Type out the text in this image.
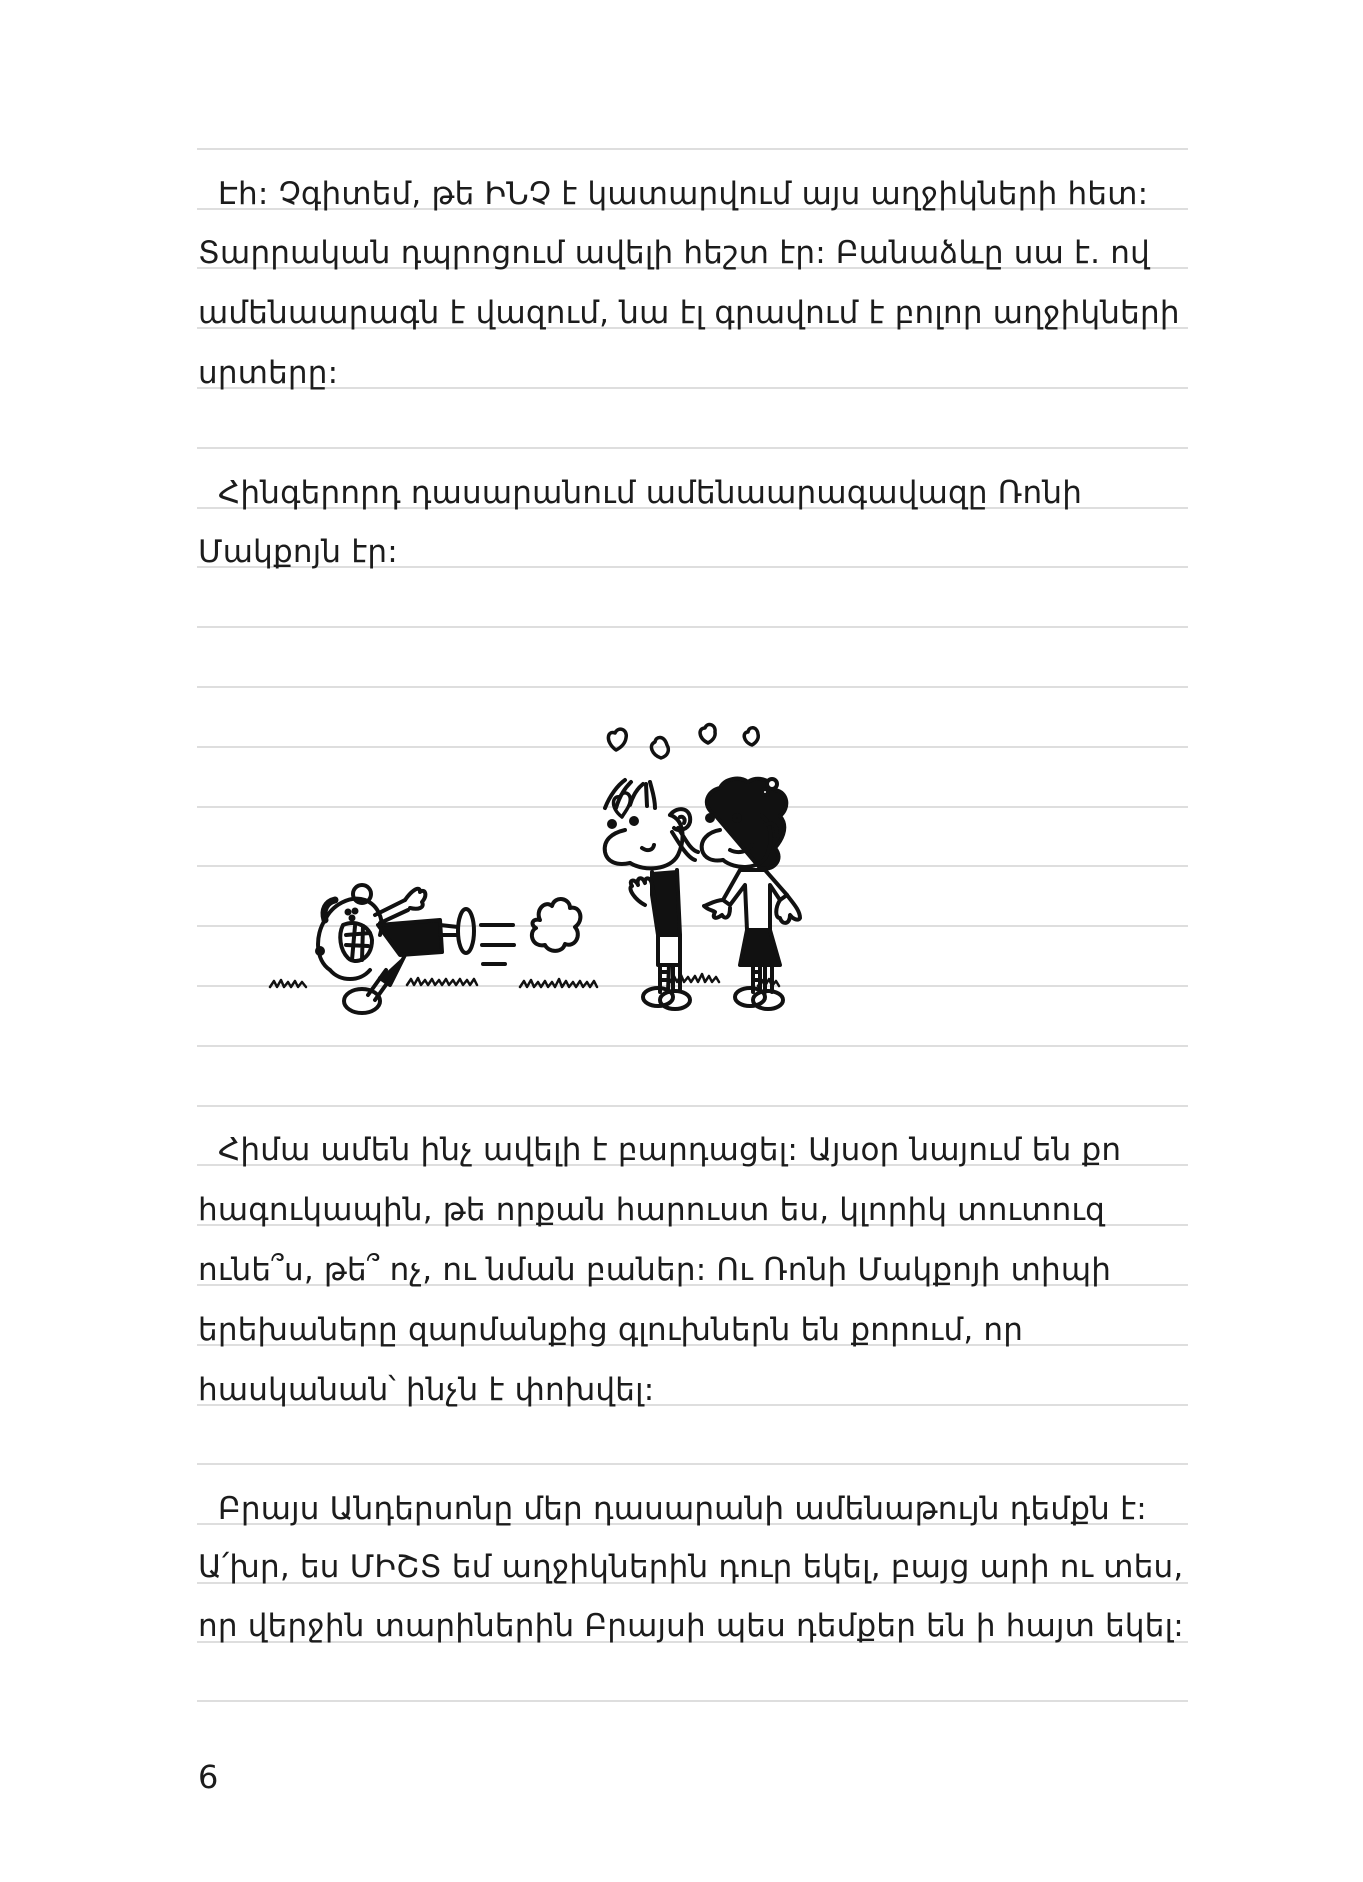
Էհ: Չգիտեմ, թե ԻՆՉ է կատարվում այս աղջիկների հետ:
Տարրական դպրոցում ավելի հեշտ էր: Բանաձևը սա է. ով
ամենաարագն է վազում, նա էլ գրավում է բոլոր աղջիկների
սրտերը:
Հինգերորդ դասարանում ամենաարագավազը Ռոնի
Մակքոյն էր:
Հիմա ամեն ինչ ավելի է բարդացել: Այսօր նայում են քո
հագուկապին, թե որքան հարուստ ես, կլորիկ տուտուզ
ունե՞ս, թե՞ ոչ, ու նման բաներ: Ու Ռոնի Մակքոյի տիպի
երեխաները զարմանքից գլուխներն են քորում, որ
հասկանան՝ ինչն է փոխվել:
Բրայս Անդերսոնը մեր դասարանի ամենաթույն դեմքն է:
Ա՛խր, ես ՄԻՇՏ եմ աղջիկներին դուր եկել, բայց արի ու տես,
որ վերջին տարիներին Բրայսի պես դեմքեր են ի հայտ եկել:
6
